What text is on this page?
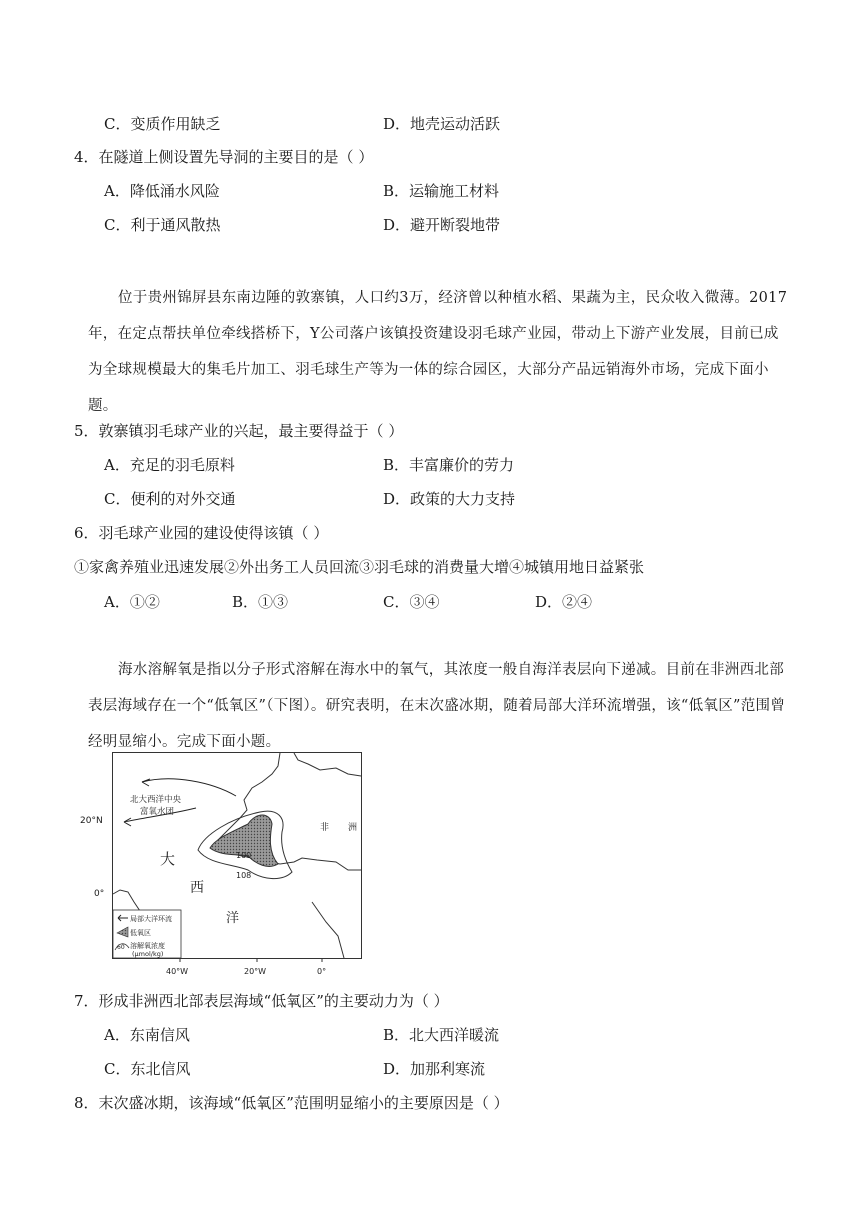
C．变质作用缺乏	D．地壳运动活跃
4．在隧道上侧设置先导洞的主要目的是（ ）
A．降低涌水风险	B．运输施工材料
C．利于通风散热	D．避开断裂地带

位于贵州锦屏县东南边陲的敦寨镇，人口约3万，经济曾以种植水稻、果蔬为主，民众收入微薄。2017年，在定点帮扶单位牵线搭桥下，Y公司落户该镇投资建设羽毛球产业园，带动上下游产业发展，目前已成为全球规模最大的集毛片加工、羽毛球生产等为一体的综合园区，大部分产品远销海外市场，完成下面小题。

5．敦寨镇羽毛球产业的兴起，最主要得益于（ ）
A．充足的羽毛原料	B．丰富廉价的劳力
C．便利的对外交通	D．政策的大力支持
6．羽毛球产业园的建设使得该镇（ ）
①家禽养殖业迅速发展②外出务工人员回流③羽毛球的消费量大增④城镇用地日益紧张
A．①②	B．①③	C．③④	D．②④

海水溶解氧是指以分子形式溶解在海水中的氧气，其浓度一般自海洋表层向下递减。目前在非洲西北部表层海域存在一个“低氧区”（下图）。研究表明，在末次盛冰期，随着局部大洋环流增强，该“低氧区”范围曾经明显缩小。完成下面小题。

100
108
北大西洋中央
富氧水团
非 洲
大
西
洋
局部大洋环流
低氧区
60 溶解氧浓度
(μmol/kg)
40°W	20°W	0°
20°N
0°
7．形成非洲西北部表层海域“低氧区”的主要动力为（ ）
A．东南信风	B．北大西洋暖流
C．东北信风	D．加那利寒流
8．末次盛冰期，该海域“低氧区”范围明显缩小的主要原因是（ ）
